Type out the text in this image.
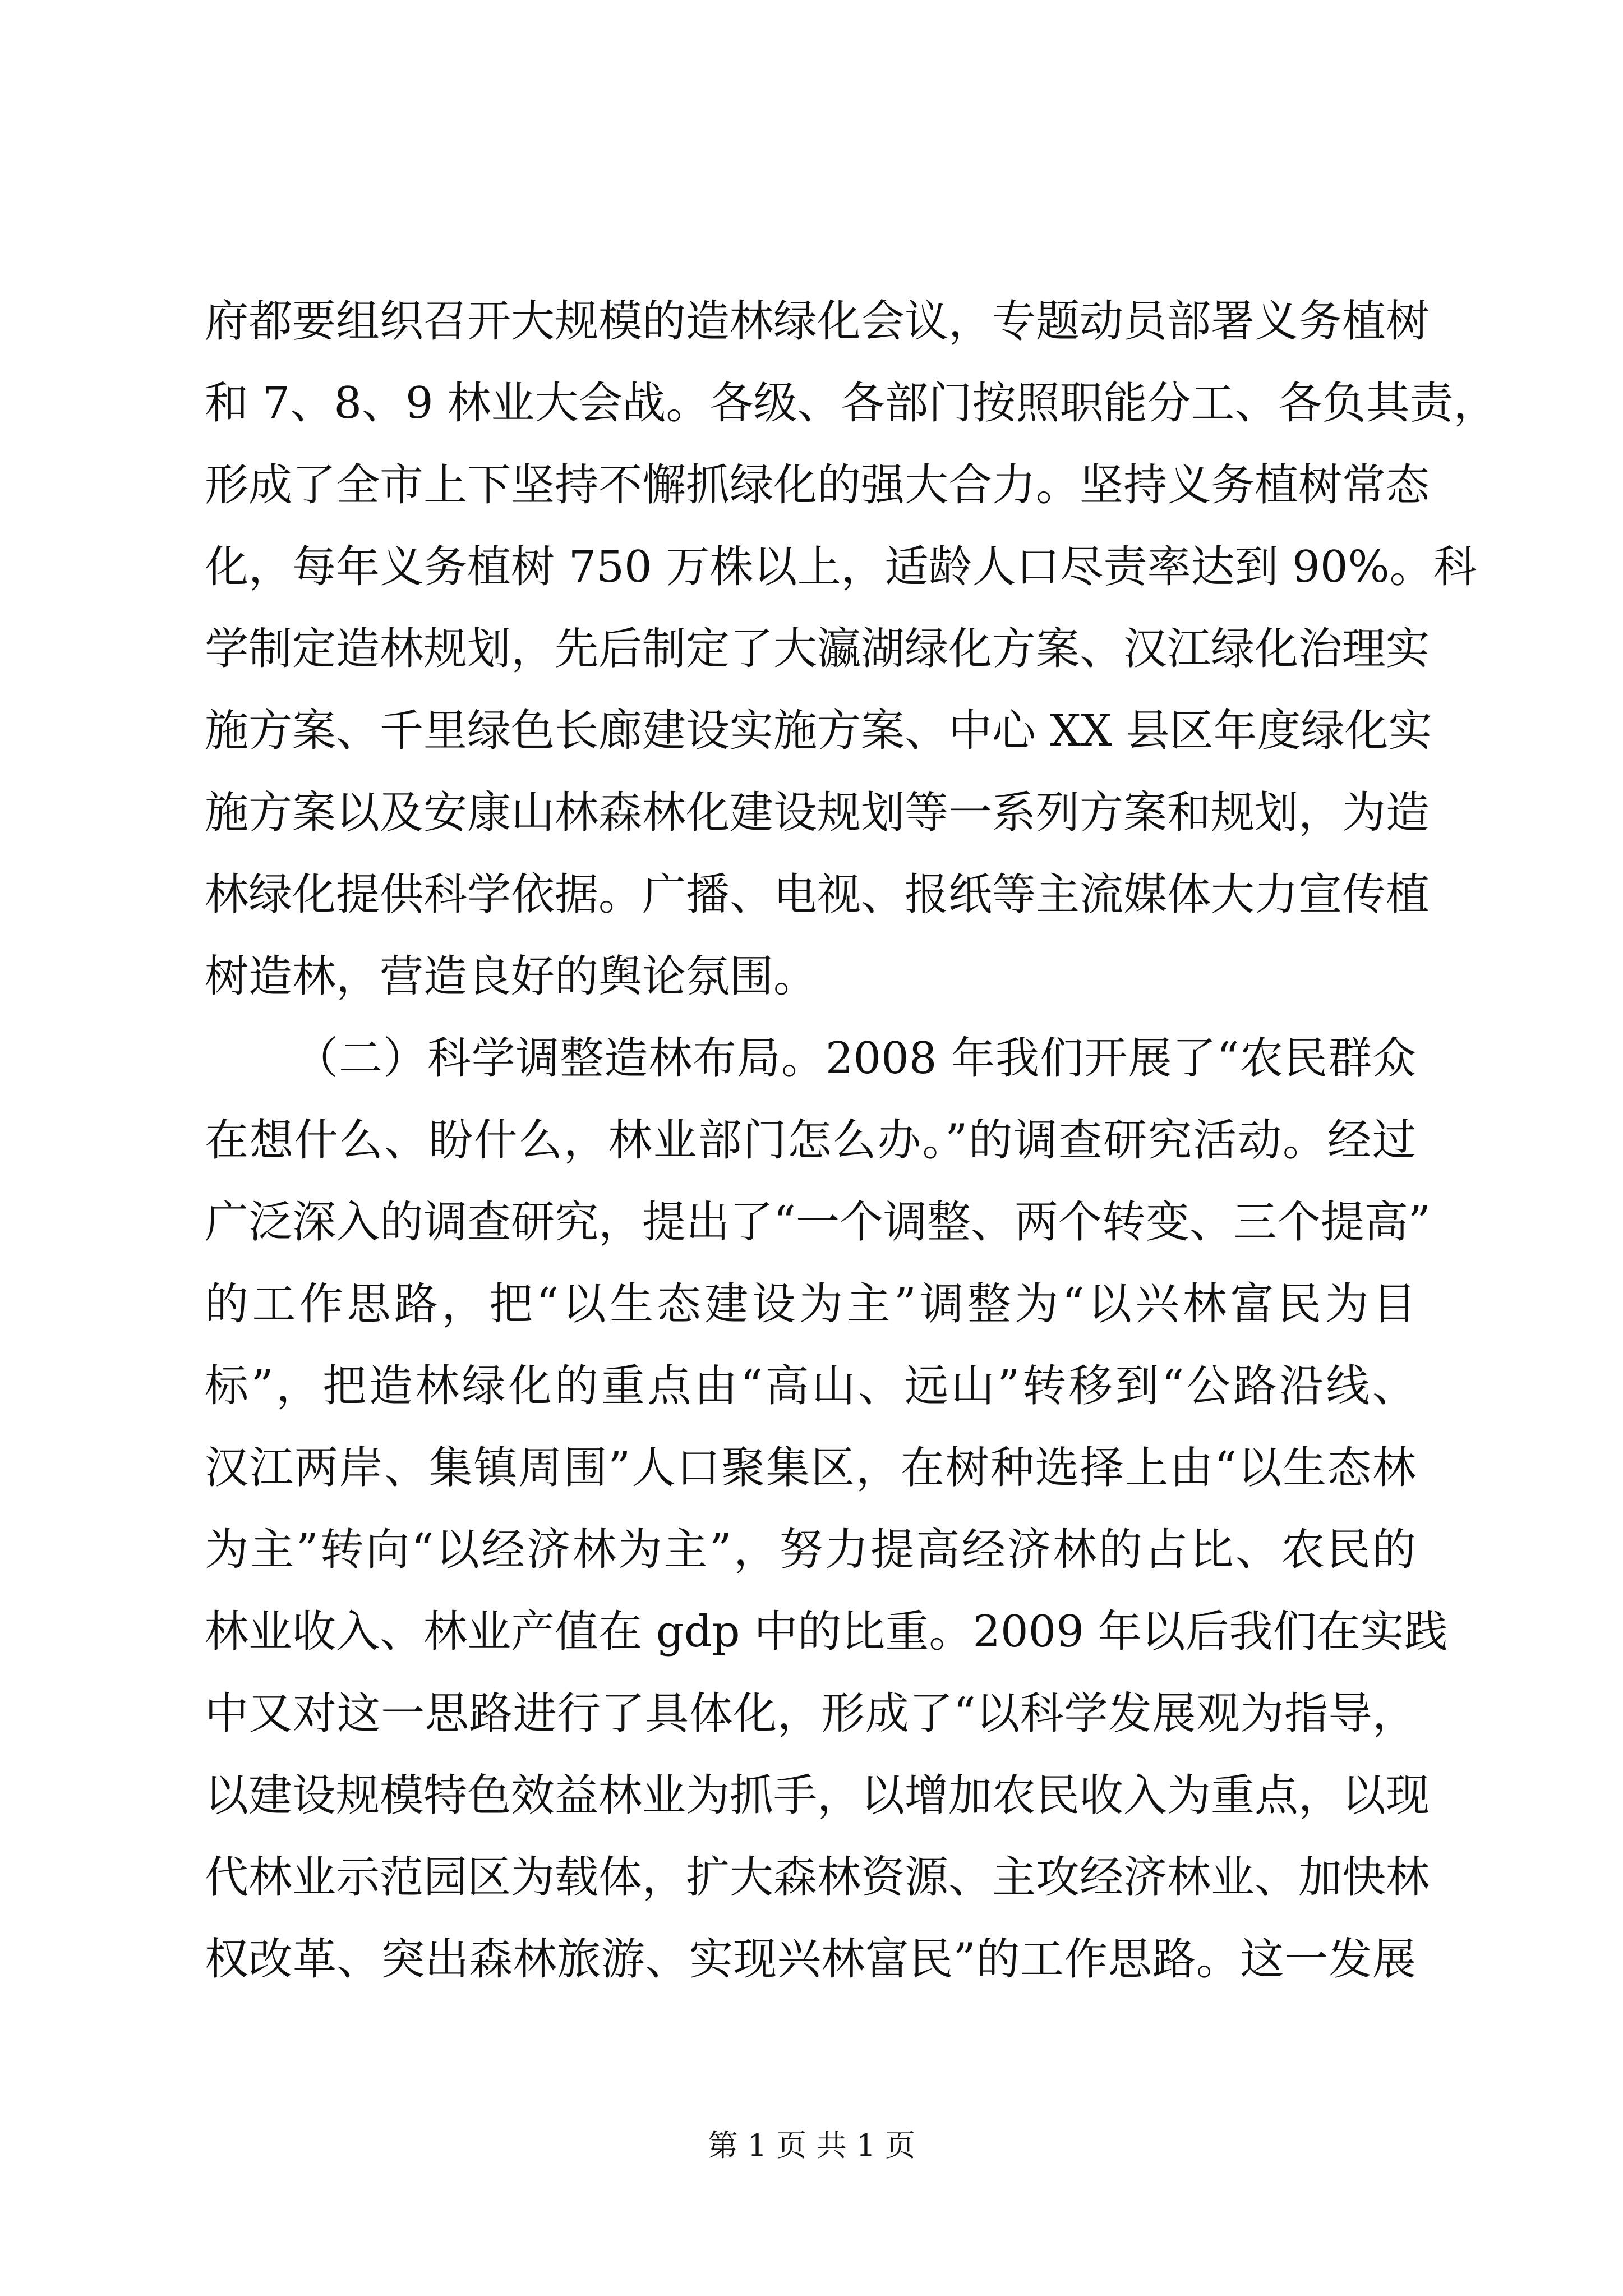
府都要组织召开大规模的造林绿化会议，专题动员部署义务植树
和 7、8、9 林业大会战。各级、各部门按照职能分工、各负其责，
形成了全市上下坚持不懈抓绿化的强大合力。坚持义务植树常态
化，每年义务植树 750 万株以上，适龄人口尽责率达到 90%。科
学制定造林规划，先后制定了大瀛湖绿化方案、汉江绿化治理实
施方案、千里绿色长廊建设实施方案、中心 XX 县区年度绿化实
施方案以及安康山林森林化建设规划等一系列方案和规划，为造
林绿化提供科学依据。广播、电视、报纸等主流媒体大力宣传植
树造林，营造良好的舆论氛围。

（二）科学调整造林布局。2008 年我们开展了“农民群众
在想什么、盼什么，林业部门怎么办。”的调查研究活动。经过
广泛深入的调查研究，提出了“一个调整、两个转变、三个提高”
的工作思路，把“以生态建设为主”调整为“以兴林富民为目
标”，把造林绿化的重点由“高山、远山”转移到“公路沿线、
汉江两岸、集镇周围”人口聚集区，在树种选择上由“以生态林
为主”转向“以经济林为主”，努力提高经济林的占比、农民的
林业收入、林业产值在 gdp 中的比重。2009 年以后我们在实践
中又对这一思路进行了具体化，形成了“以科学发展观为指导，
以建设规模特色效益林业为抓手，以增加农民收入为重点，以现
代林业示范园区为载体，扩大森林资源、主攻经济林业、加快林
权改革、突出森林旅游、实现兴林富民”的工作思路。这一发展

第 1 页 共 1 页
